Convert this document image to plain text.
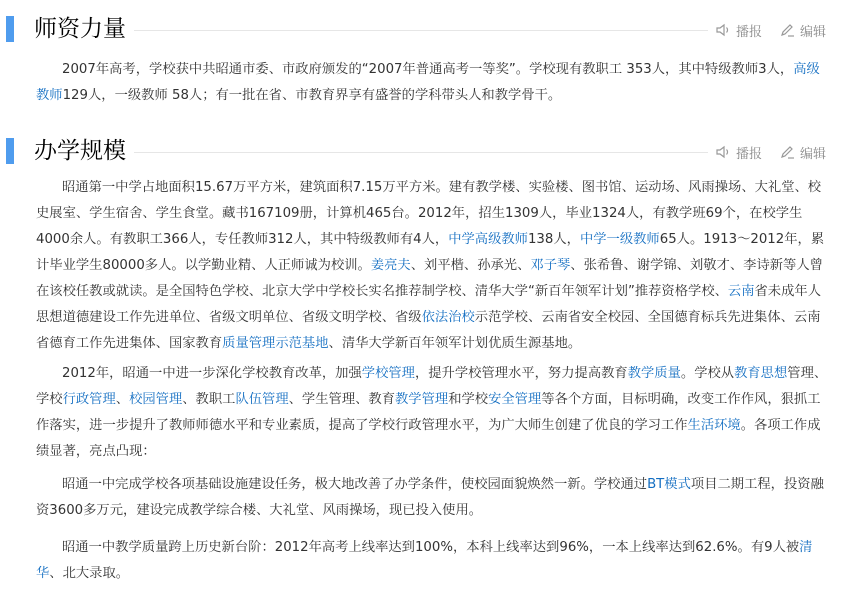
师资力量	播报	编辑

2007年高考，学校获中共昭通市委、市政府颁发的“2007年普通高考一等奖”。学校现有教职工 353人，其中特级教师3人，高级教师129人，一级教师 58人；有一批在省、市教育界享有盛誉的学科带头人和教学骨干。

办学规模	播报	编辑

昭通第一中学占地面积15.67万平方米，建筑面积7.15万平方米。建有教学楼、实验楼、图书馆、运动场、风雨操场、大礼堂、校史展室、学生宿舍、学生食堂。藏书167109册，计算机465台。2012年，招生1309人，毕业1324人，有教学班69个，在校学生4000余人。有教职工366人，专任教师312人，其中特级教师有4人，中学高级教师138人，中学一级教师65人。1913～2012年，累计毕业学生80000多人。以学勤业精、人正师诚为校训。姜亮夫、刘平楷、孙承光、邓子琴、张希鲁、谢学锦、刘敬才、李诗新等人曾在该校任教或就读。是全国特色学校、北京大学中学校长实名推荐制学校、清华大学“新百年领军计划”推荐资格学校、云南省未成年人思想道德建设工作先进单位、省级文明单位、省级文明学校、省级依法治校示范学校、云南省安全校园、全国德育标兵先进集体、云南省德育工作先进集体、国家教育质量管理示范基地、清华大学新百年领军计划优质生源基地。

2012年，昭通一中进一步深化学校教育改革，加强学校管理，提升学校管理水平，努力提高教育教学质量。学校从教育思想管理、学校行政管理、校园管理、教职工队伍管理、学生管理、教育教学管理和学校安全管理等各个方面，目标明确，改变工作作风，狠抓工作落实，进一步提升了教师师德水平和专业素质，提高了学校行政管理水平，为广大师生创建了优良的学习工作生活环境。各项工作成绩显著，亮点凸现：

昭通一中完成学校各项基础设施建设任务，极大地改善了办学条件，使校园面貌焕然一新。学校通过BT模式项目二期工程，投资融资3600多万元，建设完成教学综合楼、大礼堂、风雨操场，现已投入使用。

昭通一中教学质量跨上历史新台阶：2012年高考上线率达到100%，本科上线率达到96%，一本上线率达到62.6%。有9人被清华、北大录取。
